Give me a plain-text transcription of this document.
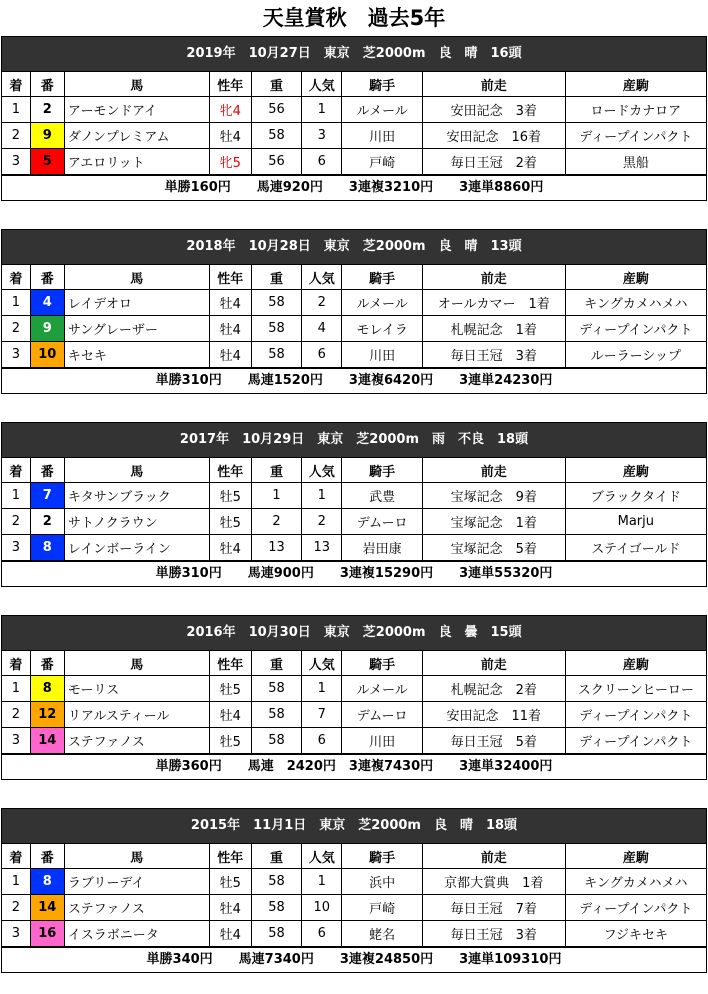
天皇賞秋　過去5年
2019年　10月27日　東京　芝2000m　良　晴　16頭
着	番	馬	性年	重	人気	騎手	前走	産駒
1	2	アーモンドアイ	牝4	56	1	ルメール	安田記念　3着	ロードカナロア
2	9	ダノンプレミアム	牡4	58	3	川田	安田記念　16着	ディープインパクト
3	5	アエロリット	牝5	56	6	戸崎	毎日王冠　2着	黒船
単勝160円　　馬連920円　　3連複3210円　　3連単8860円
2018年　10月28日　東京　芝2000m　良　晴　13頭
着	番	馬	性年	重	人気	騎手	前走	産駒
1	4	レイデオロ	牡4	58	2	ルメール	オールカマー　1着	キングカメハメハ
2	9	サングレーザー	牡4	58	4	モレイラ	札幌記念　1着	ディープインパクト
3	10	キセキ	牡4	58	6	川田	毎日王冠　3着	ルーラーシップ
単勝310円　　馬連1520円　　3連複6420円　　3連単24230円
2017年　10月29日　東京　芝2000m　雨　不良　18頭
着	番	馬	性年	重	人気	騎手	前走	産駒
1	7	キタサンブラック	牡5	1	1	武豊	宝塚記念　9着	ブラックタイド
2	2	サトノクラウン	牡5	2	2	デムーロ	宝塚記念　1着	Marju
3	8	レインボーライン	牡4	13	13	岩田康	宝塚記念　5着	ステイゴールド
単勝310円　　馬連900円　　3連複15290円　　3連単55320円
2016年　10月30日　東京　芝2000m　良　曇　15頭
着	番	馬	性年	重	人気	騎手	前走	産駒
1	8	モーリス	牡5	58	1	ルメール	札幌記念　2着	スクリーンヒーロー
2	12	リアルスティール	牡4	58	7	デムーロ	安田記念　11着	ディープインパクト
3	14	ステファノス	牡5	58	6	川田	毎日王冠　5着	ディープインパクト
単勝360円　　馬連　2420円　3連複7430円　　3連単32400円
2015年　11月1日　東京　芝2000m　良　晴　18頭
着	番	馬	性年	重	人気	騎手	前走	産駒
1	8	ラブリーデイ	牡5	58	1	浜中	京都大賞典　1着	キングカメハメハ
2	14	ステファノス	牡4	58	10	戸崎	毎日王冠　7着	ディープインパクト
3	16	イスラボニータ	牡4	58	6	蛯名	毎日王冠　3着	フジキセキ
単勝340円　　馬連7340円　　3連複24850円　　3連単109310円
